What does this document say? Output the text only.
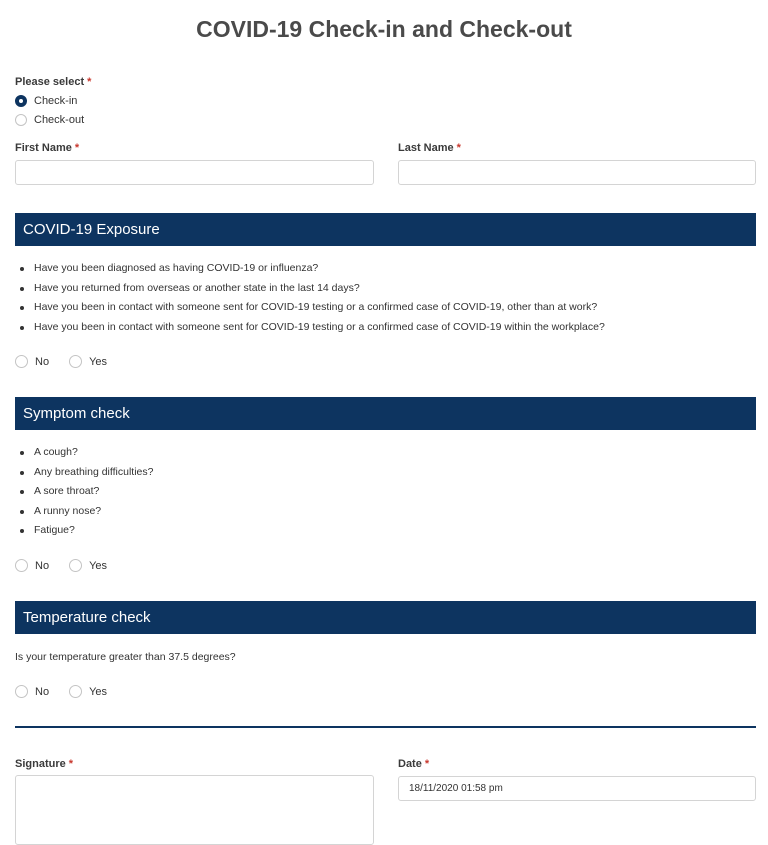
COVID-19 Check-in and Check-out
Please select *
Check-in
Check-out
First Name *	Last Name *
COVID-19 Exposure
Have you been diagnosed as having COVID-19 or influenza?
Have you returned from overseas or another state in the last 14 days?
Have you been in contact with someone sent for COVID-19 testing or a confirmed case of COVID-19, other than at work?
Have you been in contact with someone sent for COVID-19 testing or a confirmed case of COVID-19 within the workplace?
No	Yes
Symptom check
A cough?
Any breathing difficulties?
A sore throat?
A runny nose?
Fatigue?
No	Yes
Temperature check
Is your temperature greater than 37.5 degrees?
No	Yes
Signature *	Date *
18/11/2020 01:58 pm
